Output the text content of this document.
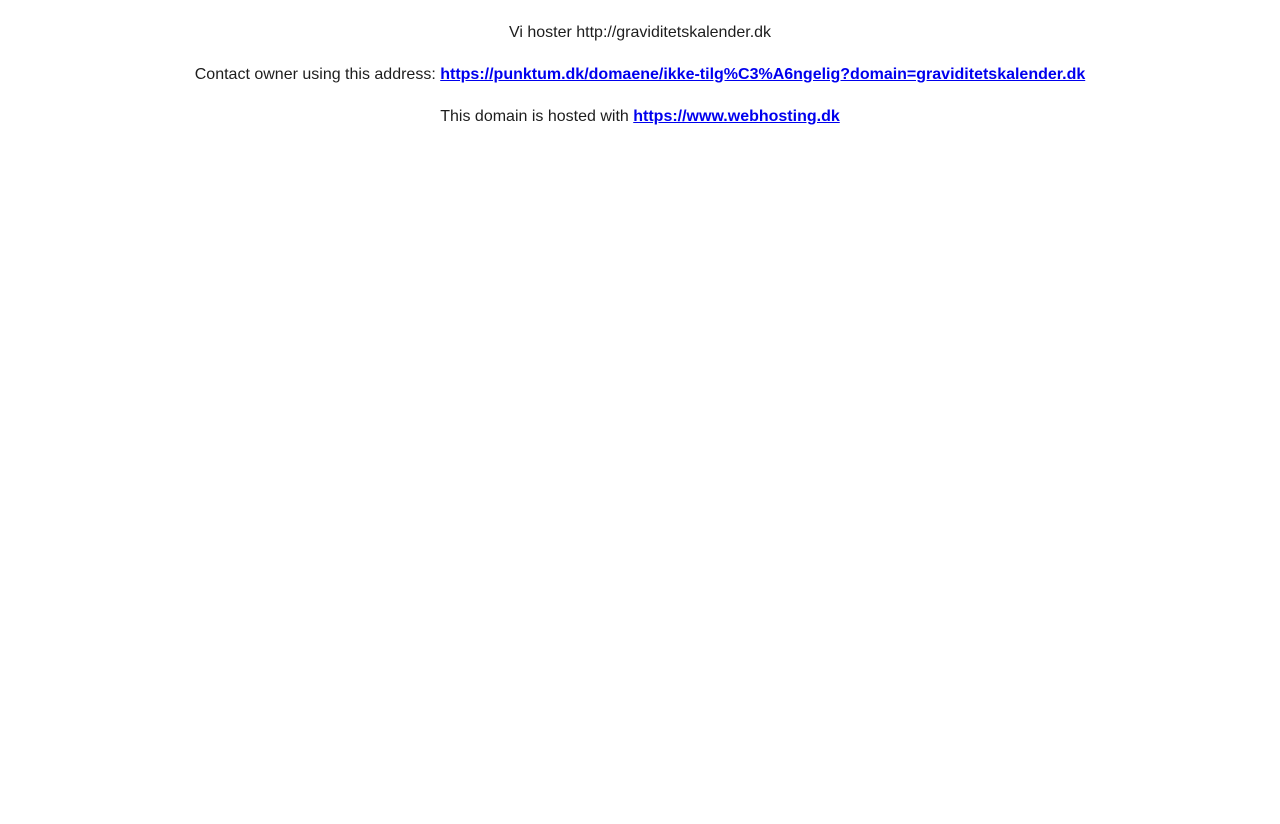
Vi hoster http://graviditetskalender.dk

Contact owner using this address: https://punktum.dk/domaene/ikke-tilg%C3%A6ngelig?domain=graviditetskalender.dk

This domain is hosted with https://www.webhosting.dk
